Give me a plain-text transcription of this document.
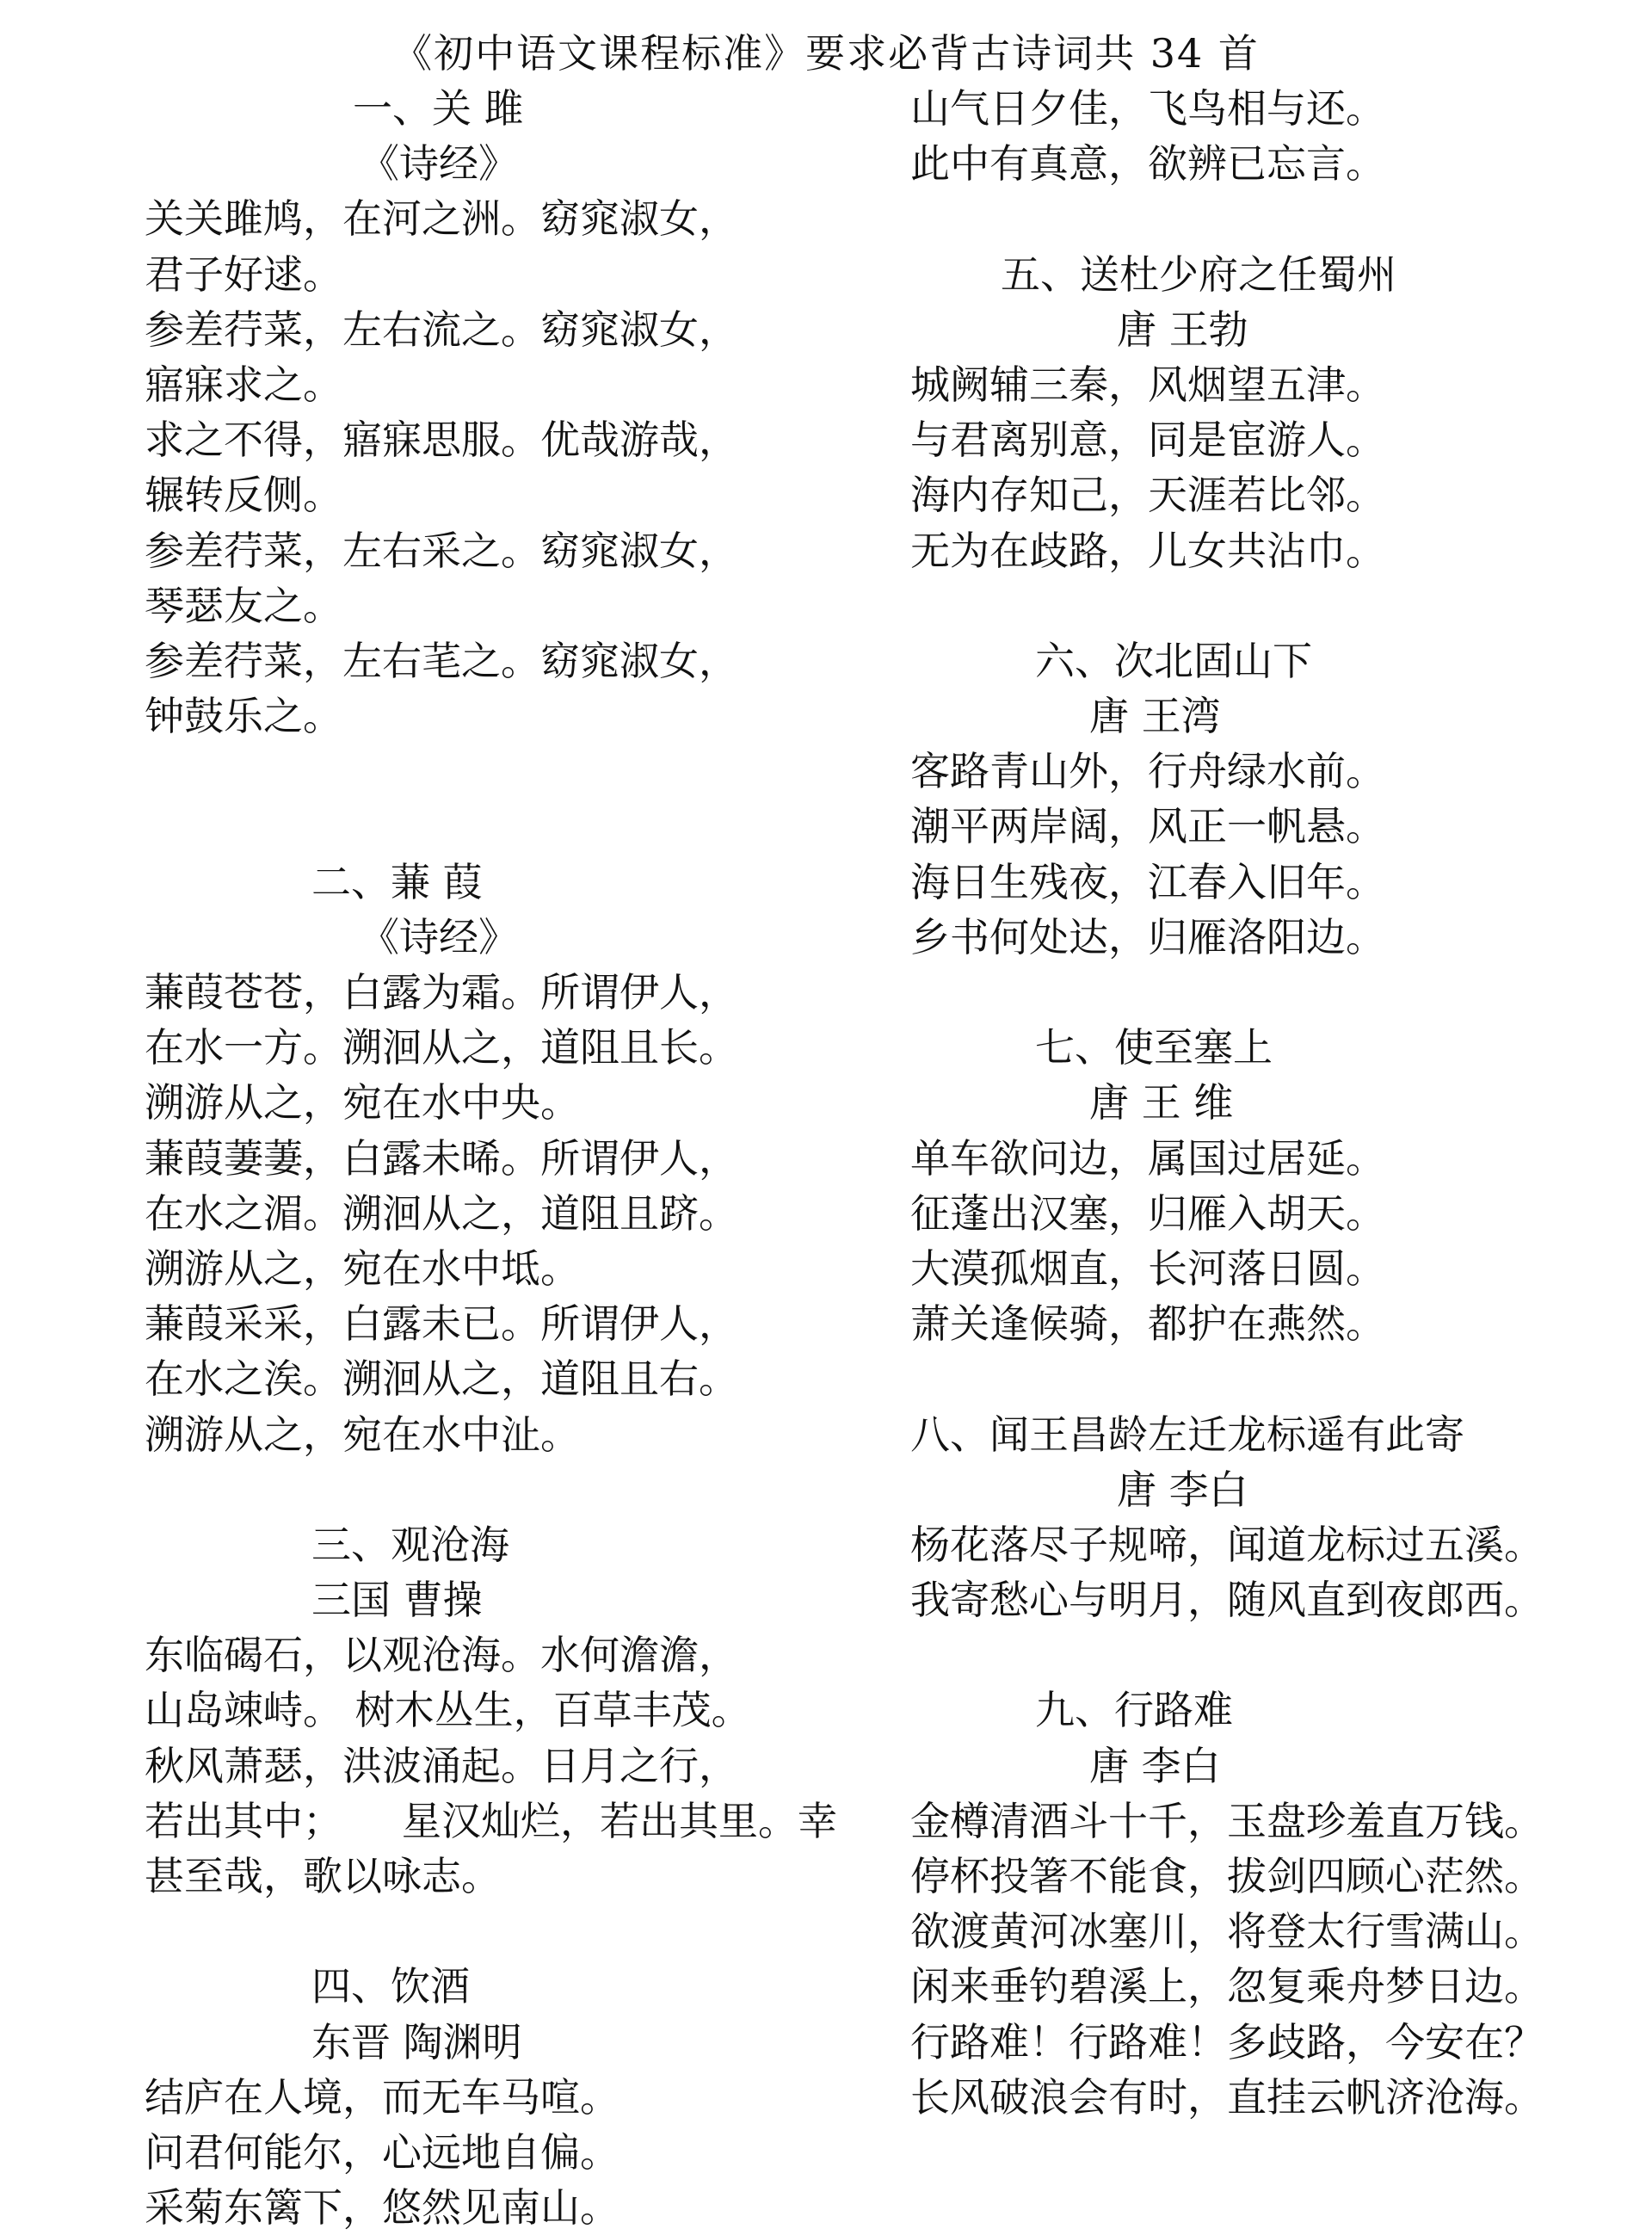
《初中语文课程标准》要求必背古诗词共 34 首
一、关 雎
《诗经》
关关雎鸠，在河之洲。窈窕淑女，
君子好逑。
参差荇菜，左右流之。窈窕淑女，
寤寐求之。
求之不得，寤寐思服。优哉游哉，
辗转反侧。
参差荇菜，左右采之。窈窕淑女，
琴瑟友之。
参差荇菜，左右芼之。窈窕淑女，
钟鼓乐之。
二、蒹 葭
《诗经》
蒹葭苍苍，白露为霜。所谓伊人，
在水一方。溯洄从之，道阻且长。
溯游从之，宛在水中央。
蒹葭萋萋，白露未晞。所谓伊人，
在水之湄。溯洄从之，道阻且跻。
溯游从之，宛在水中坻。
蒹葭采采，白露未已。所谓伊人，
在水之涘。溯洄从之，道阻且右。
溯游从之，宛在水中沚。
三、观沧海
三国 曹操
东临碣石，以观沧海。水何澹澹，
山岛竦峙。 树木丛生，百草丰茂。
秋风萧瑟，洪波涌起。日月之行，
若出其中；　　星汉灿烂，若出其里。幸
甚至哉，歌以咏志。
四、饮酒
东晋 陶渊明
结庐在人境，而无车马喧。
问君何能尔，心远地自偏。
采菊东篱下，悠然见南山。
山气日夕佳，飞鸟相与还。
此中有真意，欲辨已忘言。
五、送杜少府之任蜀州
唐 王勃
城阙辅三秦，风烟望五津。
与君离别意，同是宦游人。
海内存知己，天涯若比邻。
无为在歧路，儿女共沾巾。
六、次北固山下
唐 王湾
客路青山外，行舟绿水前。
潮平两岸阔，风正一帆悬。
海日生残夜，江春入旧年。
乡书何处达，归雁洛阳边。
七、使至塞上
唐 王 维
单车欲问边，属国过居延。
征蓬出汉塞，归雁入胡天。
大漠孤烟直，长河落日圆。
萧关逢候骑，都护在燕然。
八、闻王昌龄左迁龙标遥有此寄
唐 李白
杨花落尽子规啼，闻道龙标过五溪。
我寄愁心与明月，随风直到夜郎西。
九、行路难
唐 李白
金樽清酒斗十千，玉盘珍羞直万钱。
停杯投箸不能食，拔剑四顾心茫然。
欲渡黄河冰塞川，将登太行雪满山。
闲来垂钓碧溪上，忽复乘舟梦日边。
行路难！行路难！多歧路，今安在？
长风破浪会有时，直挂云帆济沧海。
